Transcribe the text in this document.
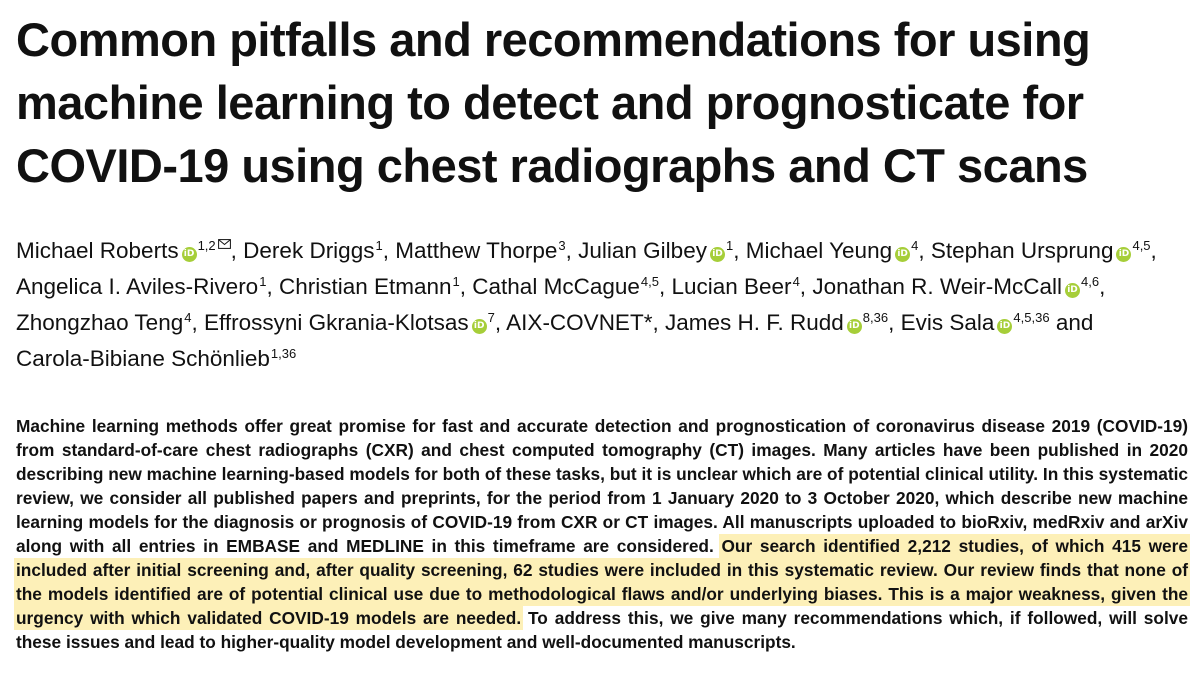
Common pitfalls and recommendations for using machine learning to detect and prognosticate for COVID-19 using chest radiographs and CT scans
Michael Roberts iD$^{1,2}$ , Derek Driggs$^1$, Matthew Thorpe$^3$, Julian Gilbey $iD^1$, Michael Yeung $iD^4$, Stephan Ursprung iD$^{4,5}$, Angelica I. Aviles-Rivero$^1$, Christian Etmann$^1$, Cathal McCague$^{4,5}$, Lucian Beer$^4$, Jonathan R. Weir-McCall iD$^{4,6}$, Zhongzhao Teng$^4$, Effrossyni Gkrania-Klotsas $iD^7$, AIX-COVNET*, James H. F. Rudd iD$^{8,36}$, Evis Sala iD$^{4,5,36}$ and Carola-Bibiane Schönlieb$^{1,36}$

Machine learning methods offer great promise for fast and accurate detection and prognostication of coronavirus disease 2019 (COVID-19) from standard-of-care chest radiographs (CXR) and chest computed tomography (CT) images. Many articles have been published in 2020 describing new machine learning-based models for both of these tasks, but it is unclear which are of potential clinical utility. In this systematic review, we consider all published papers and preprints, for the period from 1 January 2020 to 3 October 2020, which describe new machine learning models for the diagnosis or prognosis of COVID-19 from CXR or CT images. All manuscripts uploaded to bioRxiv, medRxiv and arXiv along with all entries in EMBASE and MEDLINE in this timeframe are considered. Our search identified 2,212 studies, of which 415 were included after initial screening and, after quality screening, 62 studies were included in this systematic review. Our review finds that none of the models identified are of potential clinical use due to methodological flaws and/or underlying biases. This is a major weakness, given the urgency with which validated COVID-19 models are needed. To address this, we give many recommendations which, if followed, will solve these issues and lead to higher-quality model development and well-documented manuscripts.
